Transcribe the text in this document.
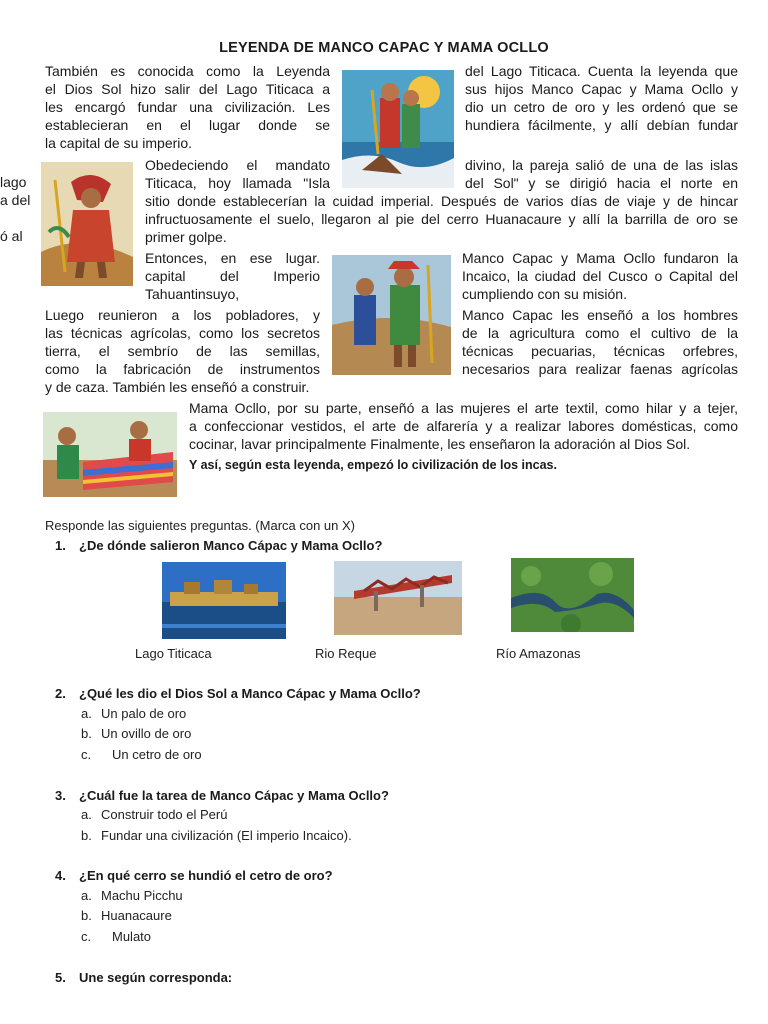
LEYENDA DE MANCO CAPAC Y MAMA OCLLO
También es conocida como la Leyenda
el Dios Sol hizo salir del Lago Titicaca a
les encargó fundar una civilización. Les
establecieran en el lugar donde se
la capital de su imperio.
del Lago Titicaca. Cuenta la leyenda que
sus hijos Manco Capac y Mama Ocllo y
dio un cetro de oro y les ordenó que se
hundiera fácilmente, y allí debían fundar
lago
a del
ó al
Obedeciendo el mandato
Titicaca, hoy llamada "Isla
divino, la pareja salió de una de las islas
del Sol" y se dirigió hacia el norte en
sitio donde establecerían la cuidad imperial. Después de varios días de viaje y de hincar
infructuosamente el suelo, llegaron al pie del cerro Huanacaure y allí la barrilla de oro se
primer golpe.
Entonces, en ese lugar.
capital del Imperio
Tahuantinsuyo,
Manco Capac y Mama Ocllo fundaron la
Incaico, la ciudad del Cusco o Capital del
cumpliendo con su misión.
Luego reunieron a los pobladores, y
las técnicas agrícolas, como los secretos
tierra, el sembrío de las semillas,
como la fabricación de instrumentos
y de caza. También les enseñó a construir.
Manco Capac les enseñó a los hombres
de la agricultura como el cultivo de la
técnicas pecuarias, técnicas orfebres,
necesarios para realizar faenas agrícolas
Mama Ocllo, por su parte, enseñó a las mujeres el arte textil, como hilar y a tejer,
a confeccionar vestidos, el arte de alfarería y a realizar labores domésticas, como
cocinar, lavar principalmente Finalmente, les enseñaron la adoración al Dios Sol.
Y así, según esta leyenda, empezó lo civilización de los incas.
Responde las siguientes preguntas. (Marca con un X)
1. ¿De dónde salieron Manco Cápac y Mama Ocllo?
Lago Titicaca	Rio Reque	Río Amazonas
2. ¿Qué les dio el Dios Sol a Manco Cápac y Mama Ocllo?
a. Un palo de oro
b. Un ovillo de oro
c. Un cetro de oro
3. ¿Cuál fue la tarea de Manco Cápac y Mama Ocllo?
a. Construir todo el Perú
b. Fundar una civilización (El imperio Incaico).
4. ¿En qué cerro se hundió el cetro de oro?
a. Machu Picchu
b. Huanacaure
c. Mulato
5. Une según corresponda:
